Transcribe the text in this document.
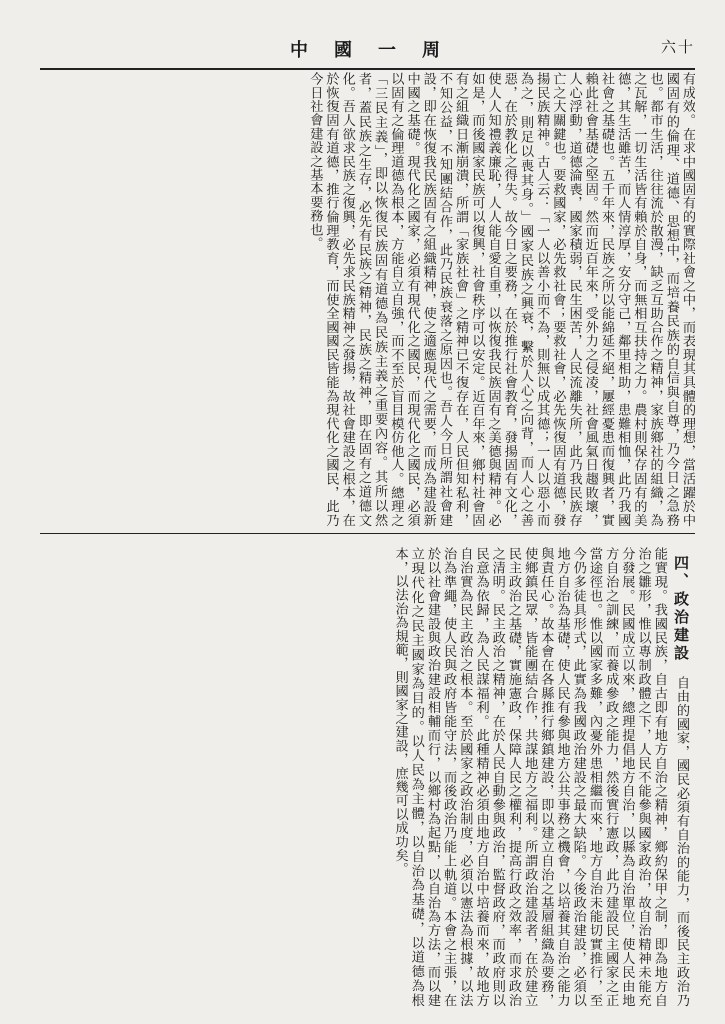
中國一周	六十
有成效。在求中國固有的實際社會之中，而表現其具體的理想，當活躍於中國固有的倫理、道德、思想中，而培養民族的自信與自尊，乃今日之急務也。都市生活，往往流於散漫，缺乏互助合作之精神，家族鄉社的組織，為之瓦解，一切生活皆有賴於自身，而無相互扶持之力。農村則保存固有的美德，其生活雖苦，而人情淳厚，安分守己，鄰里相助，患難相恤，此乃我國社會之基礎也。五千年來，民族之所以能綿延不絕，屢經憂患而復興者，實賴此社會基礎之堅固。然而近百年來，受外力之侵凌，社會風氣日趨敗壞，人心浮動，道德淪喪，國家積弱，民生困苦，人民流離失所，此乃我民族存亡之大關鍵也。要救國家，必先救社會；要救社會，必先恢復固有道德，發揚民族精神。古人云：「一人以善小而不為，則無以成其德；一人以惡小而為之，則足以喪其身。」國家民族之興衰，繫於人心之向背，而人心之善惡，在於教化之得失。故今日之要務，在於推行社會教育，發揚固有文化，使人人知禮義廉恥，人人能自愛自重，以恢復我民族固有之美德與精神。必如是，而後國家民族可以復興，社會秩序可以安定。近百年來，鄉村社會固有之組織日漸崩潰，所謂「家族社會」之精神已不復存在，人民但知私利，不知公益，不知團結合作，此乃民族衰落之原因也。吾人今日所謂社會建設，即在恢復我民族固有之組織精神，使之適應現代之需要，而成為建設新中國之基礎。現代化之國家，必須有現代化之國民，而現代化之國民，必須以固有之倫理道德為根本，方能自立自強，而不至於盲目模仿他人。總理之「三民主義」，即以恢復民族固有道德為民族主義之重要內容。其所以然者，蓋民族之生存，必先有民族之精神，民族之精神，即在固有之道德文化。吾人欲求民族之復興，必先求民族精神之發揚，故社會建設之根本，在於恢復固有道德，推行倫理教育，而使全國國民皆能為現代化之國民，此乃今日社會建設之基本要務也。
四、政治建設 自由的國家，國民必須有自治的能力，而後民主政治乃能實現。我國民族，自古即有地方自治之精神，鄉約保甲之制，即為地方自治之雛形，惟以專制政體之下，人民不能參與國家政治，故自治精神未能充分發展。民國成立以來，總理提倡地方自治，以縣為自治單位，使人民由地方自治之訓練，而養成參政之能力，然後實行憲政，此乃建設民主國家之正當途徑也。惟以國家多難，內憂外患相繼而來，地方自治未能切實推行，至今仍多徒具形式，此實為我國政治建設之最大缺陷。今後政治建設，必須以地方自治為基礎，使人民有參與地方公共事務之機會，以培養其自治之能力與責任心。故本會在各縣推行鄉鎮建設，即以建立自治之基層組織為要務，使鄉鎮民眾，皆能團結合作，共謀地方之福利。所謂政治建設者，在於建立民主政治之基礎，實施憲政，保障人民之權利，提高行政之效率，而求政治之清明。民主政治之精神，在於人民自動參與政治，監督政府，而政府則以民意為依歸，為人民謀福利。此種精神必須由地方自治中培養而來，故地方自治實為民主政治之根本。至於國家之政治制度，必須以憲法為根據，以法治為準繩，使人民與政府皆能守法，而後政治乃能上軌道。本會之主張，在於以社會建設與政治建設相輔而行，以鄉村為起點，以自治為方法，而以建立現代化之民主國家為目的。以人民為主體，以自治為基礎，以道德為根本，以法治為規範，則國家之建設，庶幾可以成功矣。
